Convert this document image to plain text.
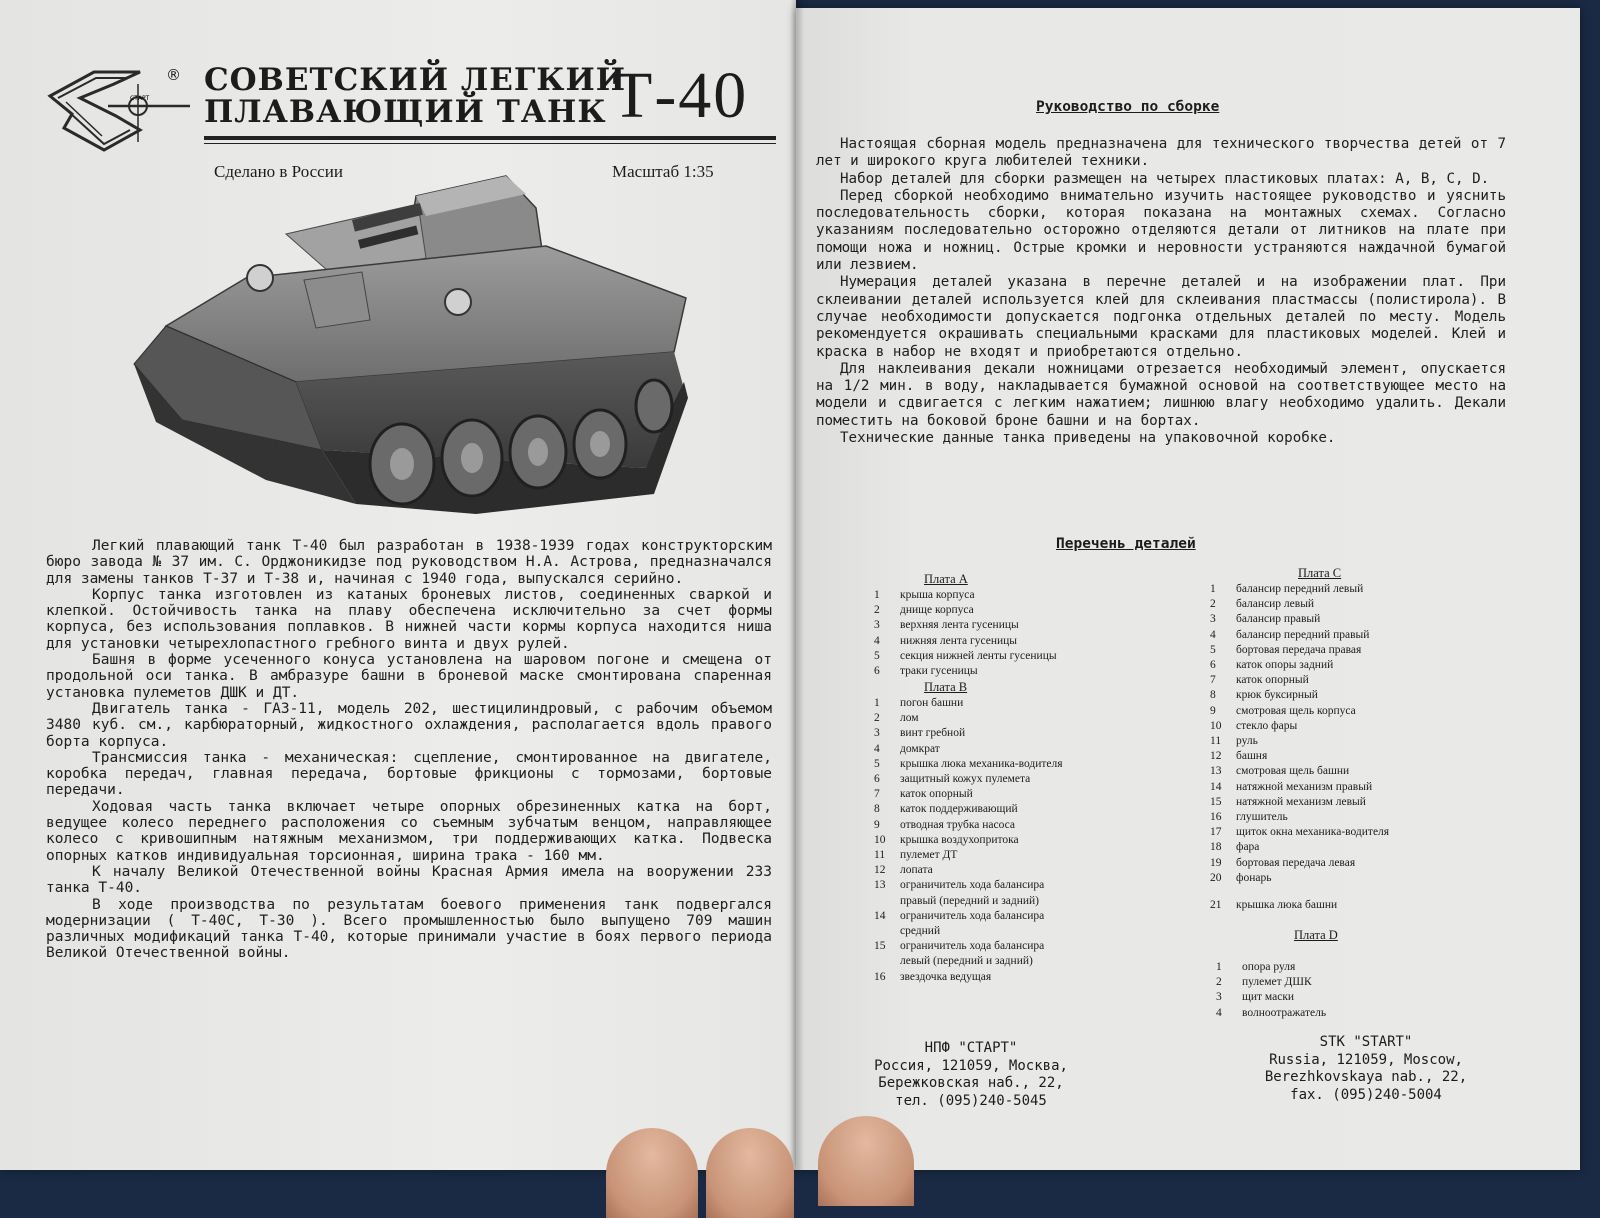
СТАРТ
® СОВЕТСКИЙ ЛЕГКИЙ
ПЛАВАЮЩИЙ ТАНК Т-40
Сделано в России	Масштаб 1:35

Легкий плавающий танк Т-40 был разработан в 1938-1939 годах конструкторским бюро завода № 37 им. С. Орджоникидзе под руководством Н.А. Астрова, предназначался для замены танков Т-37 и Т-38 и, начиная с 1940 года, выпускался серийно.

Корпус танка изготовлен из катаных броневых листов, соединенных сваркой и клепкой. Остойчивость танка на плаву обеспечена исключительно за счет формы корпуса, без использования поплавков. В нижней части кормы корпуса находится ниша для установки четырехлопастного гребного винта и двух рулей.

Башня в форме усеченного конуса установлена на шаровом погоне и смещена от продольной оси танка. В амбразуре башни в броневой маске смонтирована спаренная установка пулеметов ДШК и ДТ.

Двигатель танка - ГАЗ-11, модель 202, шестицилиндровый, с рабочим объемом 3480 куб. см., карбюраторный, жидкостного охлаждения, располагается вдоль правого борта корпуса.

Трансмиссия танка - механическая: сцепление, смонтированное на двигателе, коробка передач, главная передача, бортовые фрикционы с тормозами, бортовые передачи.

Ходовая часть танка включает четыре опорных обрезиненных катка на борт, ведущее колесо переднего расположения со съемным зубчатым венцом, направляющее колесо с кривошипным натяжным механизмом, три поддерживающих катка. Подвеска опорных катков индивидуальная торсионная, ширина трака - 160 мм.

К началу Великой Отечественной войны Красная Армия имела на вооружении 233 танка Т-40.

В ходе производства по результатам боевого применения танк подвергался модернизации ( Т-40С, Т-30 ). Всего промышленностью было выпущено 709 машин различных модификаций танка Т-40, которые принимали участие в боях первого периода Великой Отечественной войны.

Руководство по сборке

Настоящая сборная модель предназначена для технического творчества детей от 7 лет и широкого круга любителей техники.

Набор деталей для сборки размещен на четырех пластиковых платах: A, B, C, D.

Перед сборкой необходимо внимательно изучить настоящее руководство и уяснить последовательность сборки, которая показана на монтажных схемах. Согласно указаниям последовательно осторожно отделяются детали от литников на плате при помощи ножа и ножниц. Острые кромки и неровности устраняются наждачной бумагой или лезвием.

Нумерация деталей указана в перечне деталей и на изображении плат. При склеивании деталей используется клей для склеивания пластмассы (полистирола). В случае необходимости допускается подгонка отдельных деталей по месту. Модель рекомендуется окрашивать специальными красками для пластиковых моделей. Клей и краска в набор не входят и приобретаются отдельно.

Для наклеивания декали ножницами отрезается необходимый элемент, опускается на 1/2 мин. в воду, накладывается бумажной основой на соответствующее место на модели и сдвигается с легким нажатием; лишнюю влагу необходимо удалить. Декали поместить на боковой броне башни и на бортах.

Технические данные танка приведены на упаковочной коробке.

Перечень деталей
Плата A
1 крыша корпуса
2 днище корпуса
3 верхняя лента гусеницы
4 нижняя лента гусеницы
5 секция нижней ленты гусеницы
6 траки гусеницы
Плата B
1 погон башни
2 лом
3 винт гребной
4 домкрат
5 крышка люка механика-водителя
6 защитный кожух пулемета
7 каток опорный
8 каток поддерживающий
9 отводная трубка насоса
10 крышка воздухопритока
11 пулемет ДТ
12 лопата
13 ограничитель хода балансира
правый (передний и задний)
14 ограничитель хода балансира
средний
15 ограничитель хода балансира
левый (передний и задний)
16 звездочка ведущая
Плата C
1 балансир передний левый
2 балансир левый
3 балансир правый
4 балансир передний правый
5 бортовая передача правая
6 каток опоры задний
7 каток опорный
8 крюк буксирный
9 смотровая щель корпуса
10 стекло фары
11 руль
12 башня
13 смотровая щель башни
14 натяжной механизм правый
15 натяжной механизм левый
16 глушитель
17 щиток окна механика-водителя
18 фара
19 бортовая передача левая
20 фонарь
21 крышка люка башни
Плата D
1 опора руля
2 пулемет ДШК
3 щит маски
4 волноотражатель
НПФ "СТАРТ"
Россия, 121059, Москва,
Бережковская наб., 22,
тел. (095)240-5045
STK "START"
Russia, 121059, Moscow,
Berezhkovskaya nab., 22,
fax. (095)240-5004
